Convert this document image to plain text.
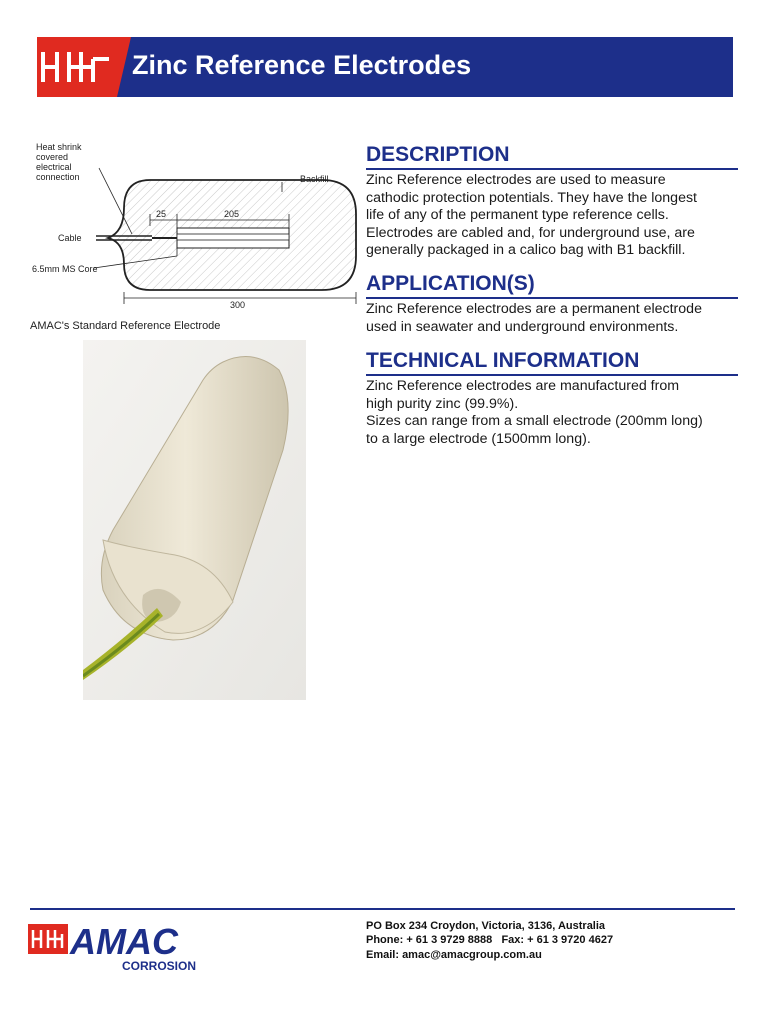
Zinc Reference Electrodes
Heat shrink
covered
electrical
connection	Backfill
Cable
6.5mm MS Core
25	205
300
AMAC's Standard Reference Electrode
DESCRIPTION

Zinc Reference electrodes are used to measure
cathodic protection potentials. They have the longest
life of any of the permanent type reference cells.
Electrodes are cabled and, for underground use, are
generally packaged in a calico bag with B1 backfill.

APPLICATION(S)

Zinc Reference electrodes are a permanent electrode
used in seawater and underground environments.

TECHNICAL INFORMATION

Zinc Reference electrodes are manufactured from
high purity zinc (99.9%).
Sizes can range from a small electrode (200mm long)
to a large electrode (1500mm long).

AMAC
CORROSION
PO Box 234 Croydon, Victoria, 3136, Australia
Phone: + 61 3 9729 8888   Fax: + 61 3 9720 4627
Email: amac@amacgroup.com.au
